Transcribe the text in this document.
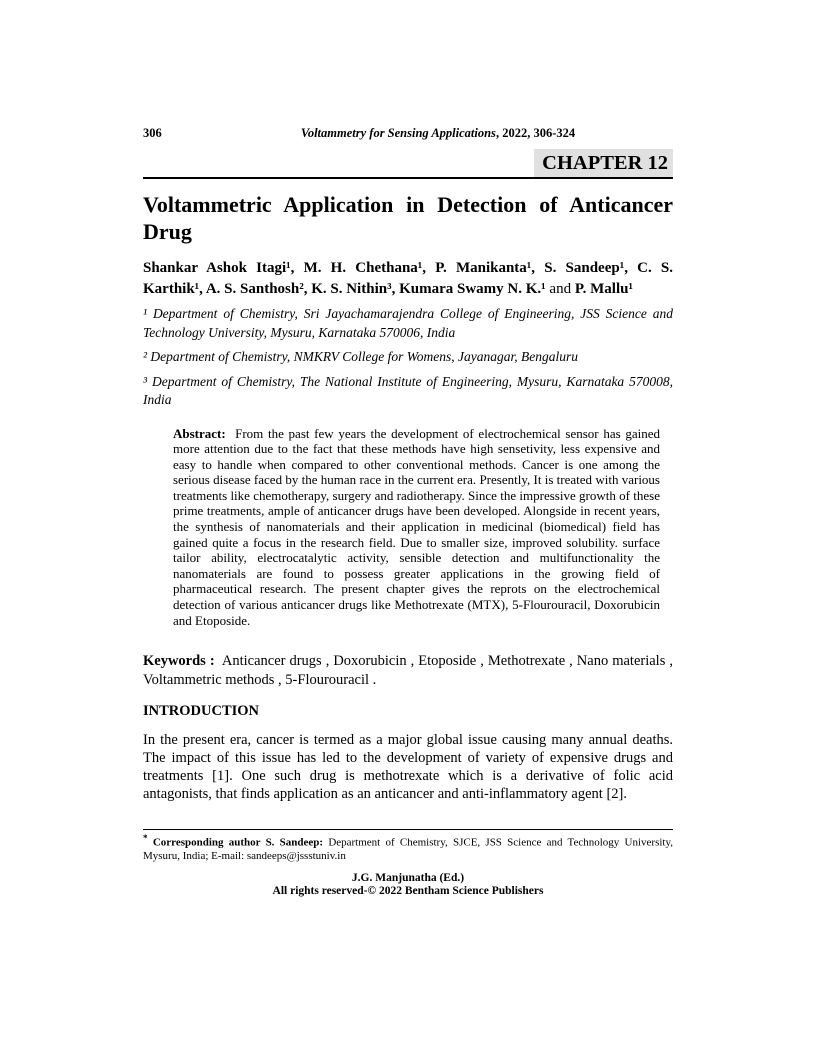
306	Voltammetry for Sensing Applications, 2022, 306-324
CHAPTER 12
Voltammetric Application in Detection of Anticancer Drug

Shankar Ashok Itagi¹, M. H. Chethana¹, P. Manikanta¹, S. Sandeep¹, C. S. Karthik¹, A. S. Santhosh², K. S. Nithin³, Kumara Swamy N. K.¹ and P. Mallu¹

¹ Department of Chemistry, Sri Jayachamarajendra College of Engineering, JSS Science and Technology University, Mysuru, Karnataka 570006, India

² Department of Chemistry, NMKRV College for Womens, Jayanagar, Bengaluru

³ Department of Chemistry, The National Institute of Engineering, Mysuru, Karnataka 570008, India

Abstract:  From the past few years the development of electrochemical sensor has gained more attention due to the fact that these methods have high sensetivity, less expensive and easy to handle when compared to other conventional methods. Cancer is one among the serious disease faced by the human race in the current era. Presently, It is treated with various treatments like chemotherapy, surgery and radiotherapy. Since the impressive growth of these prime treatments, ample of anticancer drugs have been developed. Alongside in recent years, the synthesis of nanomaterials and their application in medicinal (biomedical) field has gained quite a focus in the research field. Due to smaller size, improved solubility. surface tailor ability, electrocatalytic activity, sensible detection and multifunctionality the nanomaterials are found to possess greater applications in the growing field of pharmaceutical research. The present chapter gives the reprots on the electrochemical detection of various anticancer drugs like Methotrexate (MTX), 5-Flourouracil, Doxorubicin and Etoposide.

Keywords :  Anticancer drugs , Doxorubicin , Etoposide , Methotrexate , Nano materials , Voltammetric methods , 5-Flourouracil .

INTRODUCTION

In the present era, cancer is termed as a major global issue causing many annual deaths. The impact of this issue has led to the development of variety of expensive drugs and treatments [1]. One such drug is methotrexate which is a derivative of folic acid antagonists, that finds application as an anticancer and anti-inflammatory agent [2].

* Corresponding author S. Sandeep: Department of Chemistry, SJCE, JSS Science and Technology University, Mysuru, India; E-mail: sandeeps@jssstuniv.in

J.G. Manjunatha (Ed.)
All rights reserved-© 2022 Bentham Science Publishers
